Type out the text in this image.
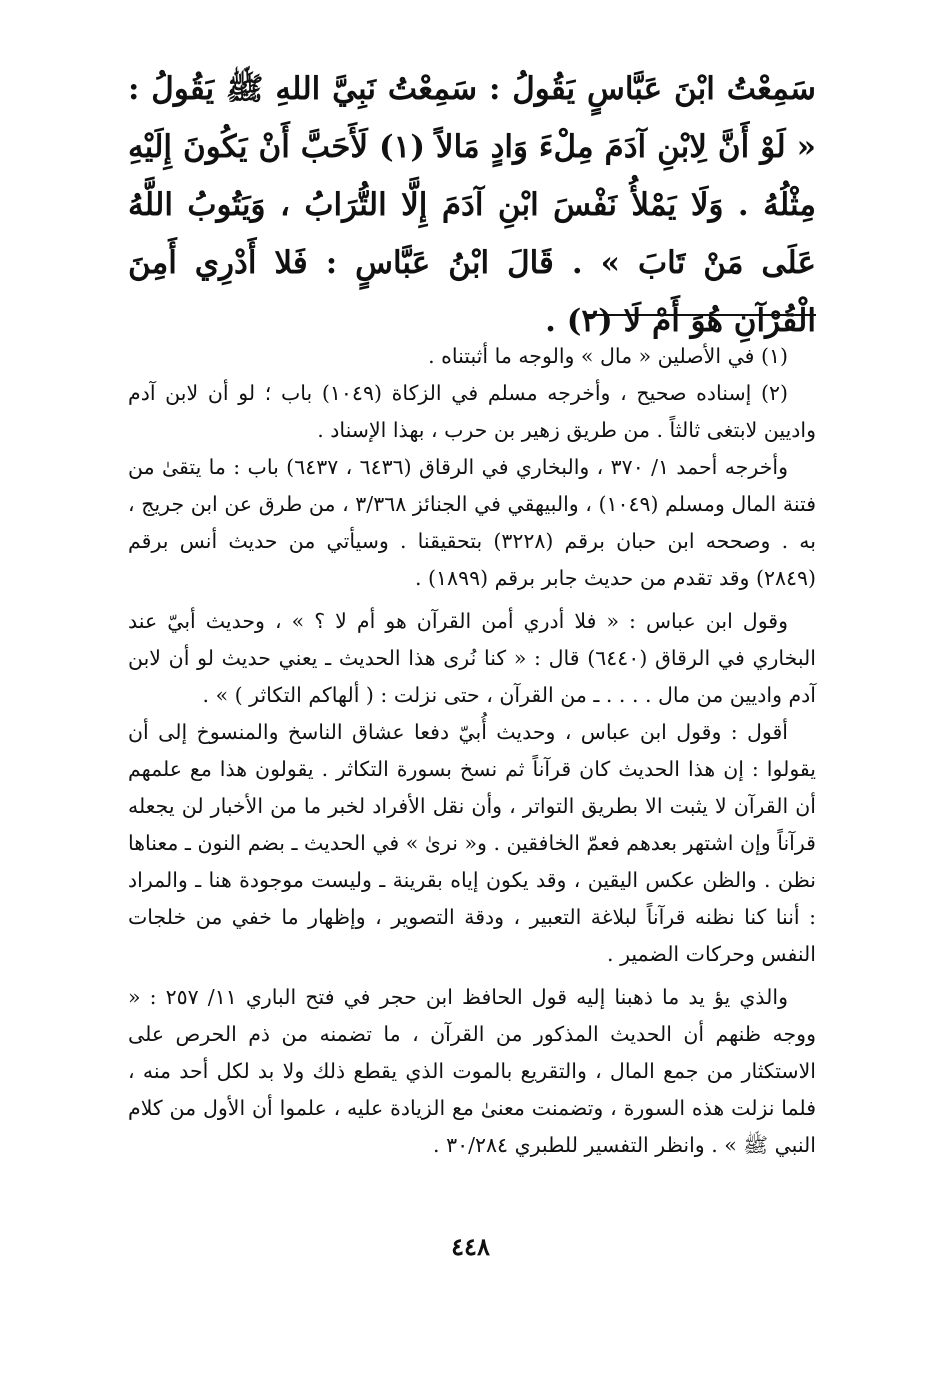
سَمِعْتُ ابْنَ عَبَّاسٍ يَقُولُ : سَمِعْتُ نَبِيَّ اللهِ ﷺ يَقُولُ : « لَوْ أَنَّ لِابْنِ آدَمَ مِلْءَ وَادٍ مَالاً (١) لَأَحَبَّ أَنْ يَكُونَ إِلَيْهِ مِثْلُهُ . وَلَا يَمْلأُ نَفْسَ ابْنِ آدَمَ إِلَّا التُّرَابُ ، وَيَتُوبُ اللَّهُ عَلَى مَنْ تَابَ » . قَالَ ابْنُ عَبَّاسٍ : فَلا أَدْرِي أَمِنَ الْقُرْآنِ هُوَ أَمْ لَا (٢) .

(١) في الأصلين « مال » والوجه ما أثبتناه .

(٢) إسناده صحيح ، وأخرجه مسلم في الزكاة (١٠٤٩) باب ؛ لو أن لابن آدم واديين لابتغى ثالثاً . من طريق زهير بن حرب ، بهذا الإسناد .

وأخرجه أحمد ١/ ٣٧٠ ، والبخاري في الرقاق (٦٤٣٦ ، ٦٤٣٧) باب : ما يتقىٰ من فتنة المال ومسلم (١٠٤٩) ، والبيهقي في الجنائز ٣/٣٦٨ ، من طرق عن ابن جريج ، به . وصححه ابن حبان برقم (٣٢٢٨) بتحقيقنا . وسيأتي من حديث أنس برقم (٢٨٤٩) وقد تقدم من حديث جابر برقم (١٨٩٩) .

وقول ابن عباس : « فلا أدري أمن القرآن هو أم لا ؟ » ، وحديث أبيّ عند البخاري في الرقاق (٦٤٤٠) قال : « كنا نُرى هذا الحديث ـ يعني حديث لو أن لابن آدم واديين من مال . . . . ـ من القرآن ، حتى نزلت : ( ألهاكم التكاثر ) » .

أقول : وقول ابن عباس ، وحديث أُبيّ دفعا عشاق الناسخ والمنسوخ إلى أن يقولوا : إن هذا الحديث كان قرآناً ثم نسخ بسورة التكاثر . يقولون هذا مع علمهم أن القرآن لا يثبت الا بطريق التواتر ، وأن نقل الأفراد لخبر ما من الأخبار لن يجعله قرآناً وإن اشتهر بعدهم فعمّ الخافقين . و« نرىٰ » في الحديث ـ بضم النون ـ معناها نظن . والظن عكس اليقين ، وقد يكون إياه بقرينة ـ وليست موجودة هنا ـ والمراد : أننا كنا نظنه قرآناً لبلاغة التعبير ، ودقة التصوير ، وإظهار ما خفي من خلجات النفس وحركات الضمير .

والذي يؤ يد ما ذهبنا إليه قول الحافظ ابن حجر في فتح الباري ١١/ ٢٥٧ : « ووجه ظنهم أن الحديث المذكور من القرآن ، ما تضمنه من ذم الحرص على الاستكثار من جمع المال ، والتقريع بالموت الذي يقطع ذلك ولا بد لكل أحد منه ، فلما نزلت هذه السورة ، وتضمنت معنىٰ مع الزيادة عليه ، علموا أن الأول من كلام النبي ﷺ » . وانظر التفسير للطبري ٣٠/٢٨٤ .

٤٤٨
